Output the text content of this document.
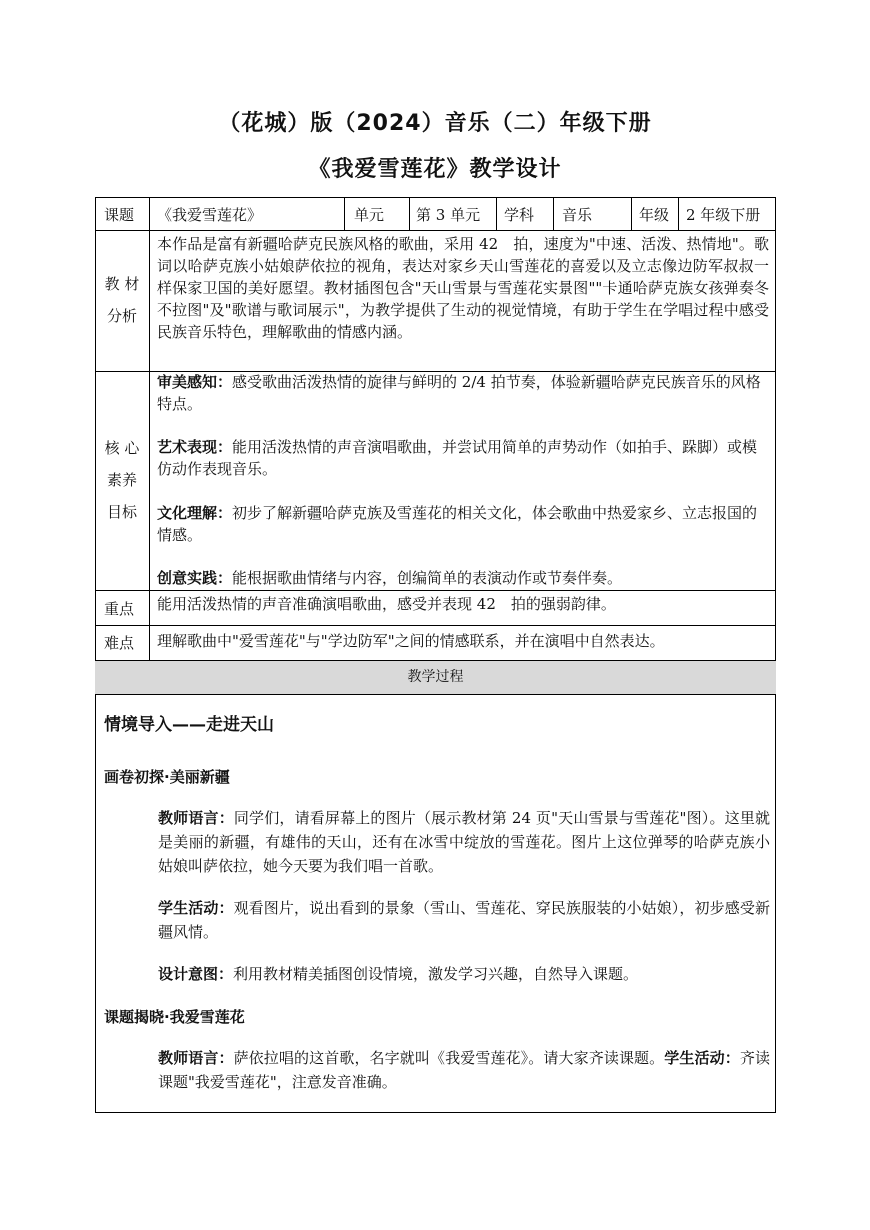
（花城）版（2024）音乐（二）年级下册
《我爱雪莲花》教学设计
课题 《我爱雪莲花》	单元 第 3 单元 学科 音乐	年级 2 年级下册
教 材
分析
本作品是富有新疆哈萨克民族风格的歌曲，采用 42　拍，速度为"中速、活泼、热情地"。歌词以哈萨克族小姑娘萨依拉的视角，表达对家乡天山雪莲花的喜爱以及立志像边防军叔叔一样保家卫国的美好愿望。教材插图包含"天山雪景与雪莲花实景图""卡通哈萨克族女孩弹奏冬不拉图"及"歌谱与歌词展示"，为教学提供了生动的视觉情境，有助于学生在学唱过程中感受民族音乐特色，理解歌曲的情感内涵。
核 心
素养
目标
审美感知：感受歌曲活泼热情的旋律与鲜明的 2/4 拍节奏，体验新疆哈萨克民族音乐的风格特点。
艺术表现：能用活泼热情的声音演唱歌曲，并尝试用简单的声势动作（如拍手、跺脚）或模仿动作表现音乐。
文化理解：初步了解新疆哈萨克族及雪莲花的相关文化，体会歌曲中热爱家乡、立志报国的情感。
创意实践：能根据歌曲情绪与内容，创编简单的表演动作或节奏伴奏。
重点 能用活泼热情的声音准确演唱歌曲，感受并表现 42　拍的强弱韵律。
难点 理解歌曲中"爱雪莲花"与"学边防军"之间的情感联系，并在演唱中自然表达。
教学过程
情境导入——走进天山
画卷初探·美丽新疆
教师语言：同学们，请看屏幕上的图片（展示教材第 24 页"天山雪景与雪莲花"图）。这里就是美丽的新疆，有雄伟的天山，还有在冰雪中绽放的雪莲花。图片上这位弹琴的哈萨克族小姑娘叫萨依拉，她今天要为我们唱一首歌。
学生活动：观看图片，说出看到的景象（雪山、雪莲花、穿民族服装的小姑娘），初步感受新疆风情。
设计意图：利用教材精美插图创设情境，激发学习兴趣，自然导入课题。
课题揭晓·我爱雪莲花
教师语言：萨依拉唱的这首歌，名字就叫《我爱雪莲花》。请大家齐读课题。学生活动：齐读课题"我爱雪莲花"，注意发音准确。
